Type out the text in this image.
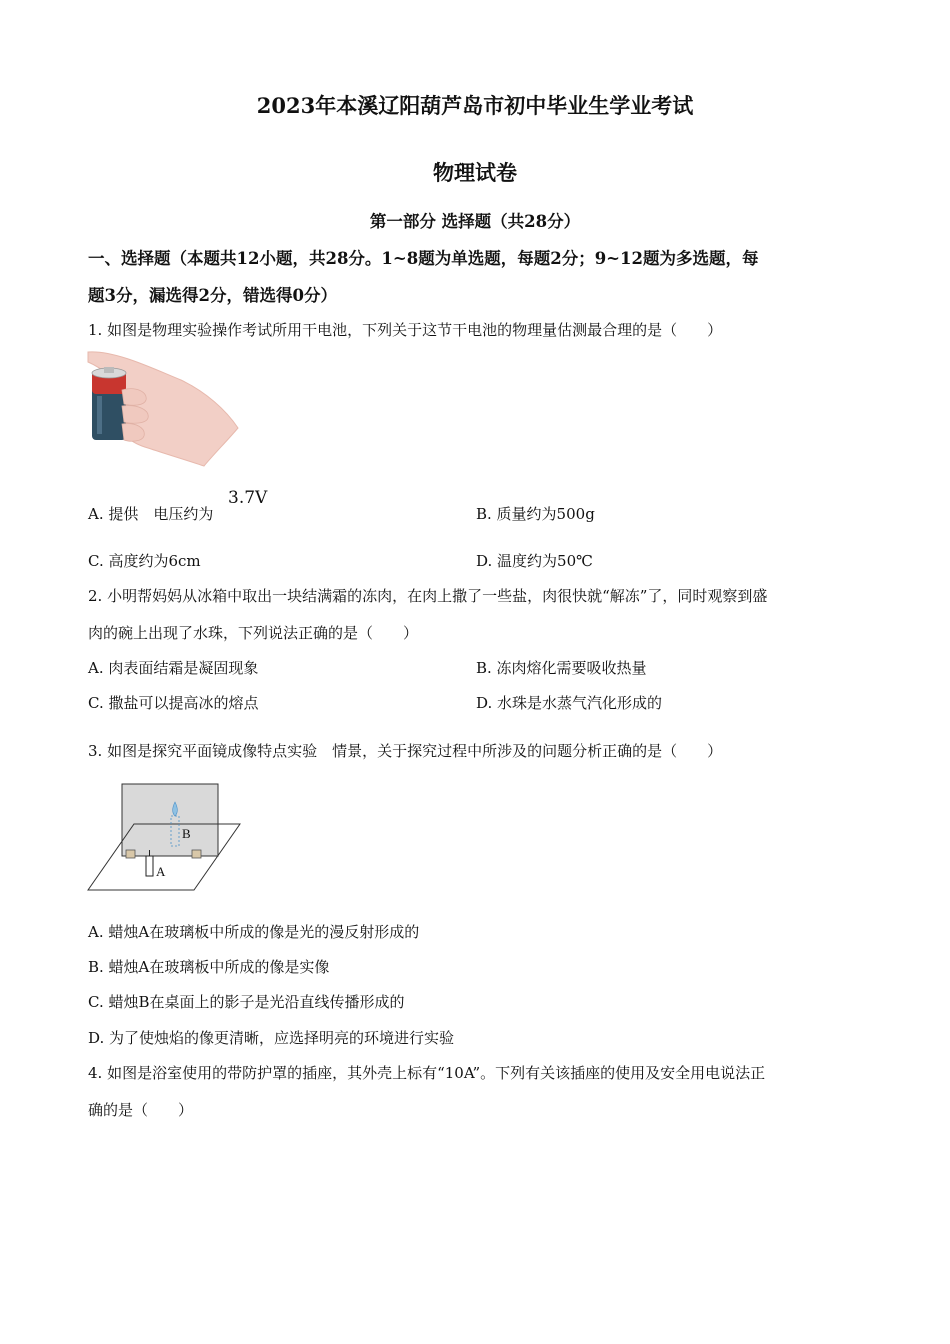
2023年本溪辽阳葫芦岛市初中毕业生学业考试
物理试卷
第一部分 选择题（共28分）
一、选择题（本题共12小题，共28分。1~8题为单选题，每题2分；9~12题为多选题，每
题3分，漏选得2分，错选得0分）
1. 如图是物理实验操作考试所用干电池，下列关于这节干电池的物理量估测最合理的是（　　）
3.7V
A. 提供　电压约为	B. 质量约为500g
C. 高度约为6cm	D. 温度约为50℃
2. 小明帮妈妈从冰箱中取出一块结满霜的冻肉，在肉上撒了一些盐，肉很快就“解冻”了，同时观察到盛
肉的碗上出现了水珠，下列说法正确的是（　　）
A. 肉表面结霜是凝固现象	B. 冻肉熔化需要吸收热量
C. 撒盐可以提高冰的熔点	D. 水珠是水蒸气汽化形成的
3. 如图是探究平面镜成像特点实验　情景，关于探究过程中所涉及的问题分析正确的是（　　）
B
A
A. 蜡烛A在玻璃板中所成的像是光的漫反射形成的
B. 蜡烛A在玻璃板中所成的像是实像
C. 蜡烛B在桌面上的影子是光沿直线传播形成的
D. 为了使烛焰的像更清晰，应选择明亮的环境进行实验
4. 如图是浴室使用的带防护罩的插座，其外壳上标有“10A”。下列有关该插座的使用及安全用电说法正
确的是（　　）
